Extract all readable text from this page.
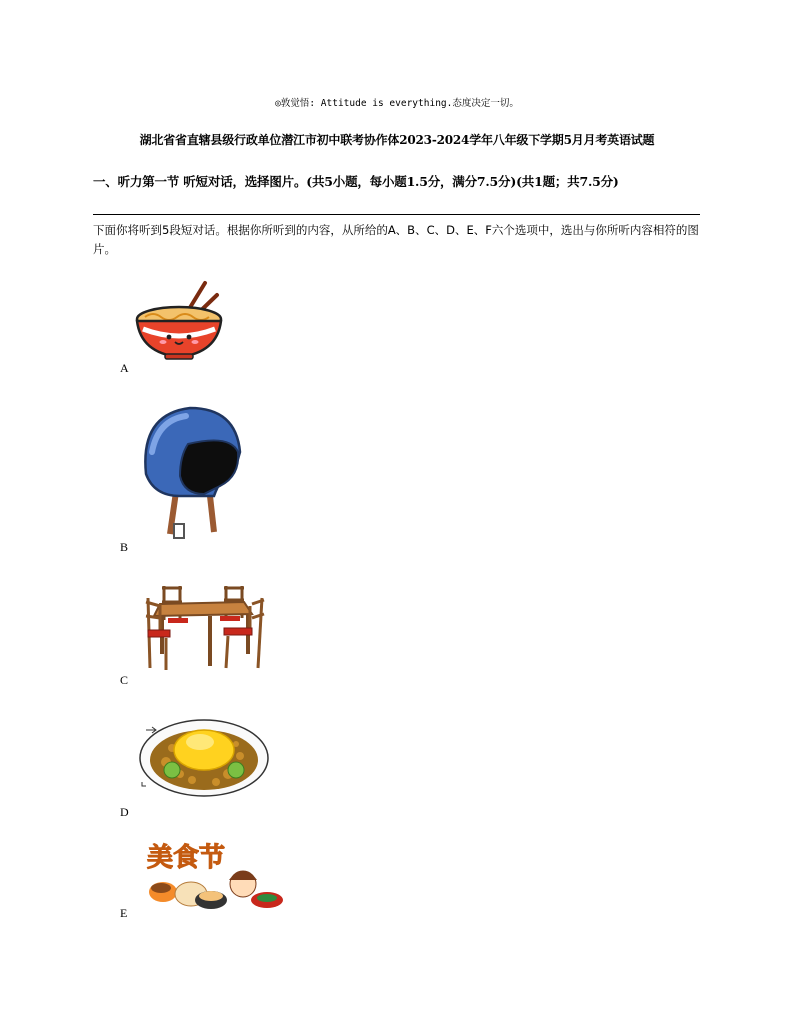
◎敦觉悟: Attitude is everything.态度决定一切。
湖北省省直辖县级行政单位潜江市初中联考协作体2023-2024学年八年级下学期5月月考英语试题
一、听力第一节 听短对话，选择图片。(共5小题，每小题1.5分，满分7.5分)(共1题；共7.5分)
下面你将听到5段短对话。根据你所听到的内容，从所给的A、B、C、D、E、F六个选项中，选出与你所听内容相符的图片。
A
B
C
D
美食节
E
